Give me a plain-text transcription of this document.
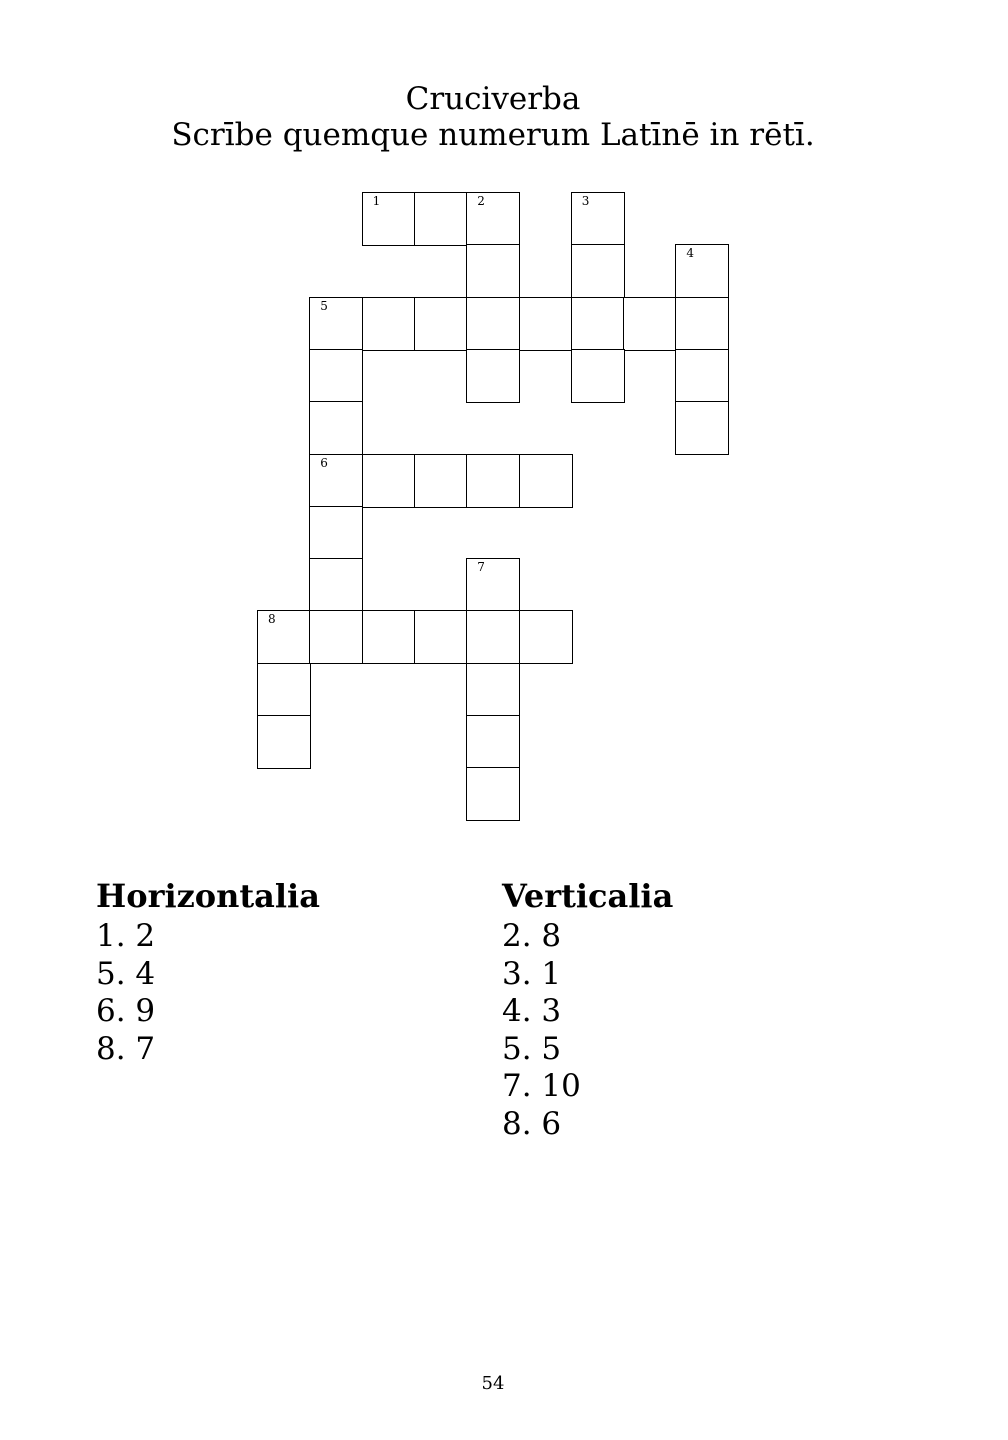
Cruciverba
Scrībe quemque numerum Latīnē in rētī.
1	2	3
4
5
6
7
8
Horizontalia
1. 2
5. 4
6. 9
8. 7
Verticalia
2. 8
3. 1
4. 3
5. 5
7. 10
8. 6
54
